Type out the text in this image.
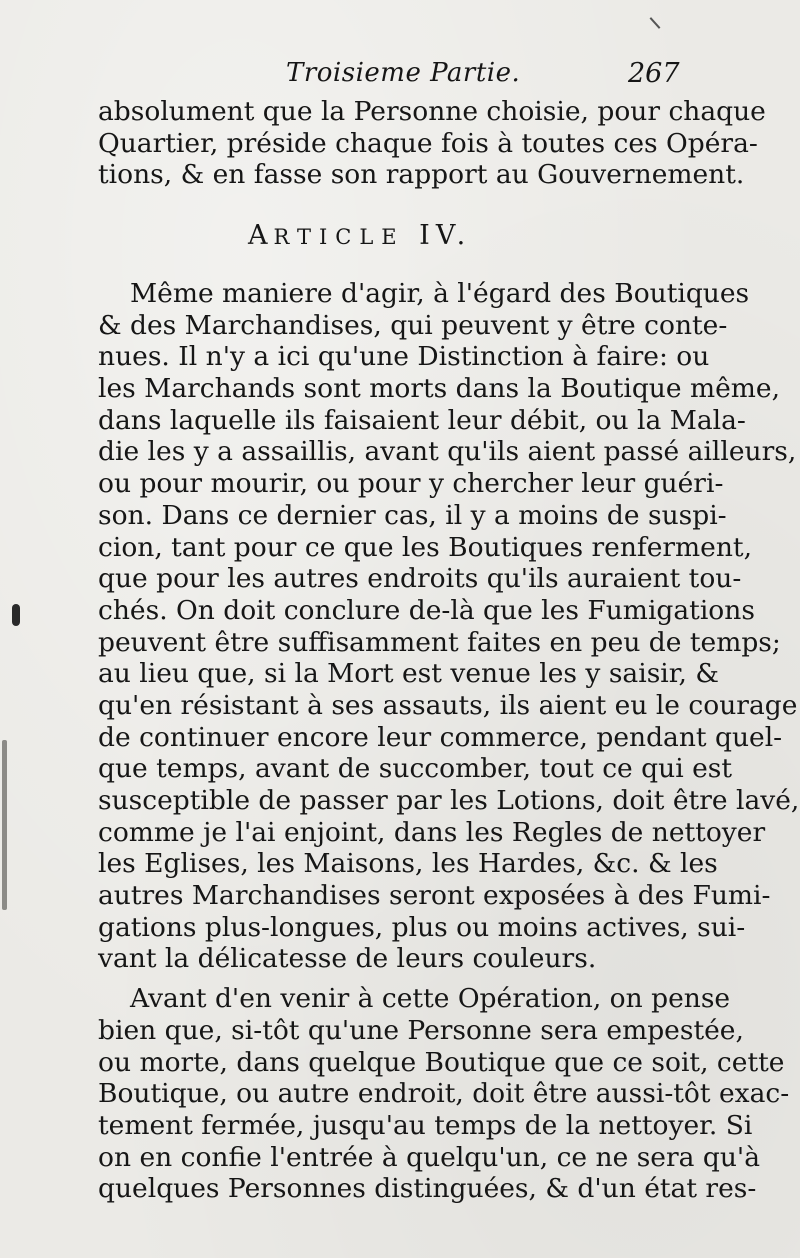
Troisieme Partie.	267
absolument que la Personne choisie, pour chaque
Quartier, préside chaque fois à toutes ces Opéra-
tions, & en fasse son rapport au Gouvernement.
ARTICLE IV.
Même maniere d'agir, à l'égard des Boutiques
& des Marchandises, qui peuvent y être conte-
nues. Il n'y a ici qu'une Distinction à faire: ou
les Marchands sont morts dans la Boutique même,
dans laquelle ils faisaient leur débit, ou la Mala-
die les y a assaillis, avant qu'ils aient passé ailleurs,
ou pour mourir, ou pour y chercher leur guéri-
son. Dans ce dernier cas, il y a moins de suspi-
cion, tant pour ce que les Boutiques renferment,
que pour les autres endroits qu'ils auraient tou-
chés. On doit conclure de-là que les Fumigations
peuvent être suffisamment faites en peu de temps;
au lieu que, si la Mort est venue les y saisir, &
qu'en résistant à ses assauts, ils aient eu le courage
de continuer encore leur commerce, pendant quel-
que temps, avant de succomber, tout ce qui est
susceptible de passer par les Lotions, doit être lavé,
comme je l'ai enjoint, dans les Regles de nettoyer
les Eglises, les Maisons, les Hardes, &c. & les
autres Marchandises seront exposées à des Fumi-
gations plus-longues, plus ou moins actives, sui-
vant la délicatesse de leurs couleurs.
Avant d'en venir à cette Opération, on pense
bien que, si-tôt qu'une Personne sera empestée,
ou morte, dans quelque Boutique que ce soit, cette
Boutique, ou autre endroit, doit être aussi-tôt exac-
tement fermée, jusqu'au temps de la nettoyer. Si
on en confie l'entrée à quelqu'un, ce ne sera qu'à
quelques Personnes distinguées, & d'un état res-
